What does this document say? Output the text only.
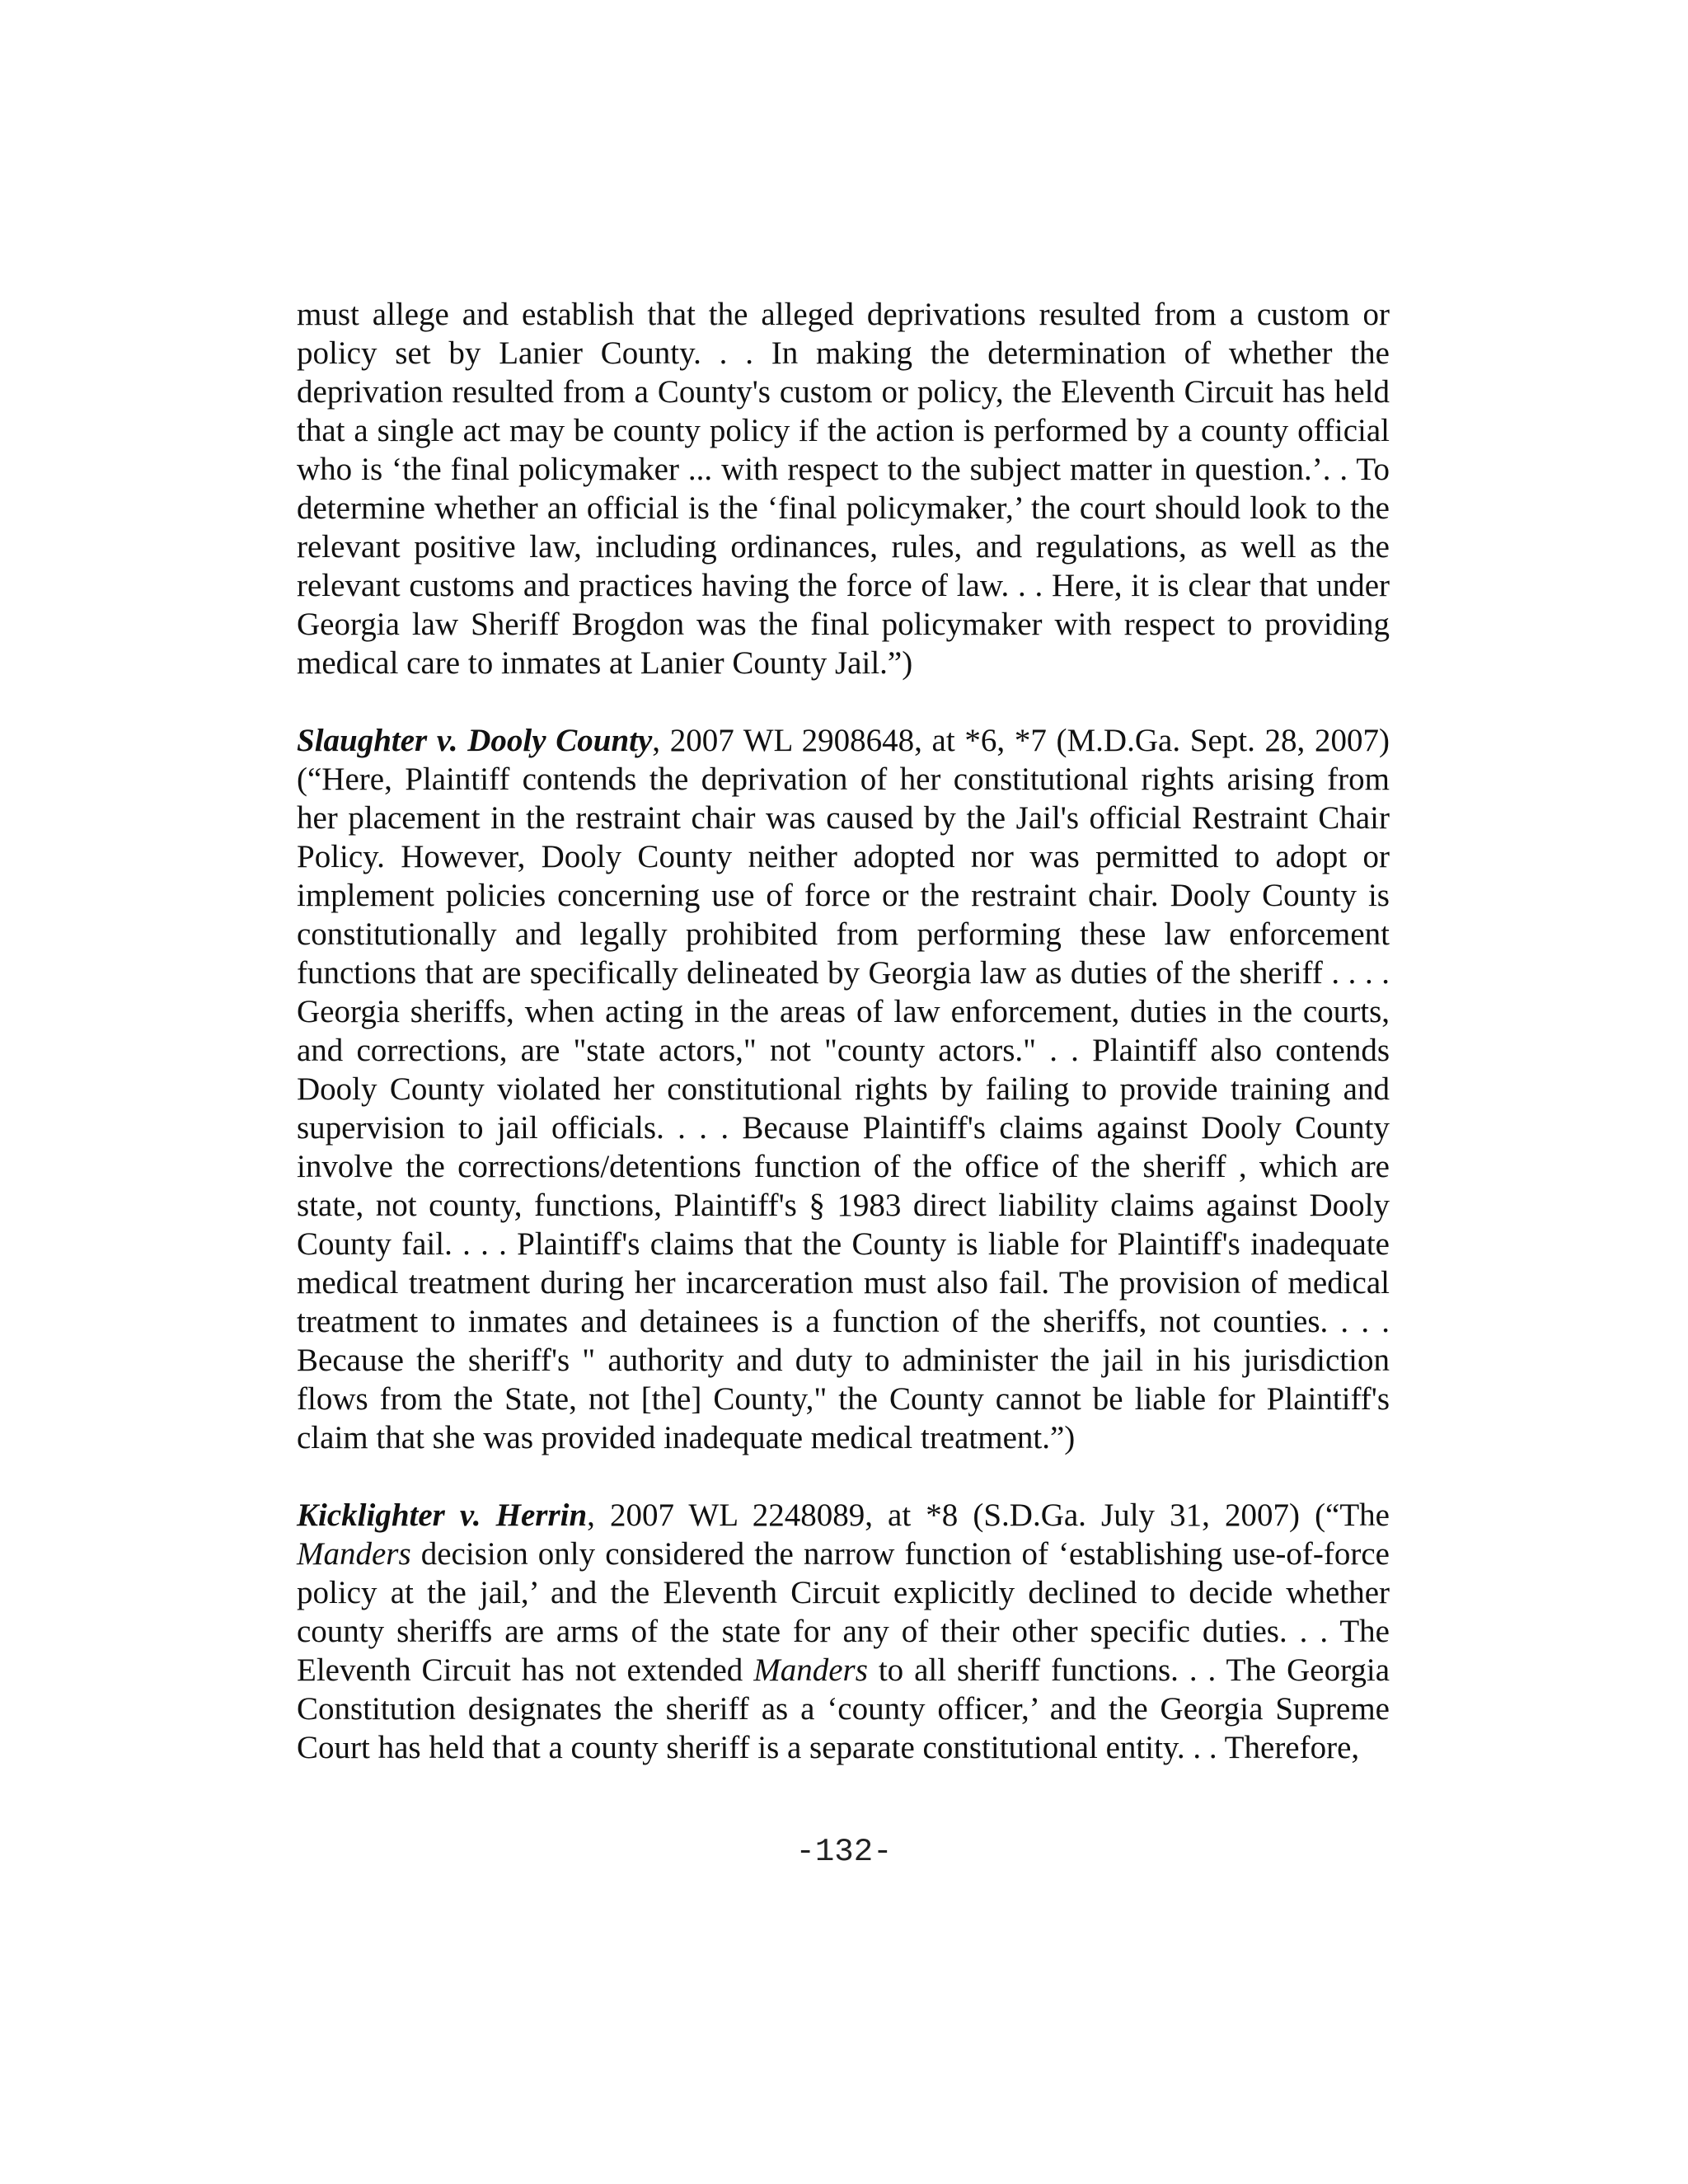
must allege and establish that the alleged deprivations resulted from a custom or policy set by Lanier County. . . In making the determination of whether the deprivation resulted from a County's custom or policy, the Eleventh Circuit has held that a single act may be county policy if the action is performed by a county official who is ‘the final policymaker ... with respect to the subject matter in question.’. . To determine whether an official is the ‘final policymaker,’ the court should look to the relevant positive law, including ordinances, rules, and regulations, as well as the relevant customs and practices having the force of law. . . Here, it is clear that under Georgia law Sheriff Brogdon was the final policymaker with respect to providing medical care to inmates at Lanier County Jail.”)

Slaughter v. Dooly County, 2007 WL 2908648, at *6, *7 (M.D.Ga. Sept. 28, 2007) (“Here, Plaintiff contends the deprivation of her constitutional rights arising from her placement in the restraint chair was caused by the Jail's official Restraint Chair Policy. However, Dooly County neither adopted nor was permitted to adopt or implement policies concerning use of force or the restraint chair. Dooly County is constitutionally and legally prohibited from performing these law enforcement functions that are specifically delineated by Georgia law as duties of the sheriff . . . . Georgia sheriffs, when acting in the areas of law enforcement, duties in the courts, and corrections, are "state actors," not "county actors." . . Plaintiff also contends Dooly County violated her constitutional rights by failing to provide training and supervision to jail officials. . . . Because Plaintiff's claims against Dooly County involve the corrections/detentions function of the office of the sheriff , which are state, not county, functions, Plaintiff's § 1983 direct liability claims against Dooly County fail. . . . Plaintiff's claims that the County is liable for Plaintiff's inadequate medical treatment during her incarceration must also fail. The provision of medical treatment to inmates and detainees is a function of the sheriffs, not counties. . . . Because the sheriff's " authority and duty to administer the jail in his jurisdiction flows from the State, not [the] County," the County cannot be liable for Plaintiff's claim that she was provided inadequate medical treatment.”)

Kicklighter v. Herrin, 2007 WL 2248089, at *8 (S.D.Ga. July 31, 2007) (“The Manders decision only considered the narrow function of ‘establishing use-of-force policy at the jail,’ and the Eleventh Circuit explicitly declined to decide whether county sheriffs are arms of the state for any of their other specific duties. . . The Eleventh Circuit has not extended Manders to all sheriff functions. . . The Georgia Constitution designates the sheriff as a ‘county officer,’ and the Georgia Supreme Court has held that a county sheriff is a separate constitutional entity. . . Therefore,

-132-
